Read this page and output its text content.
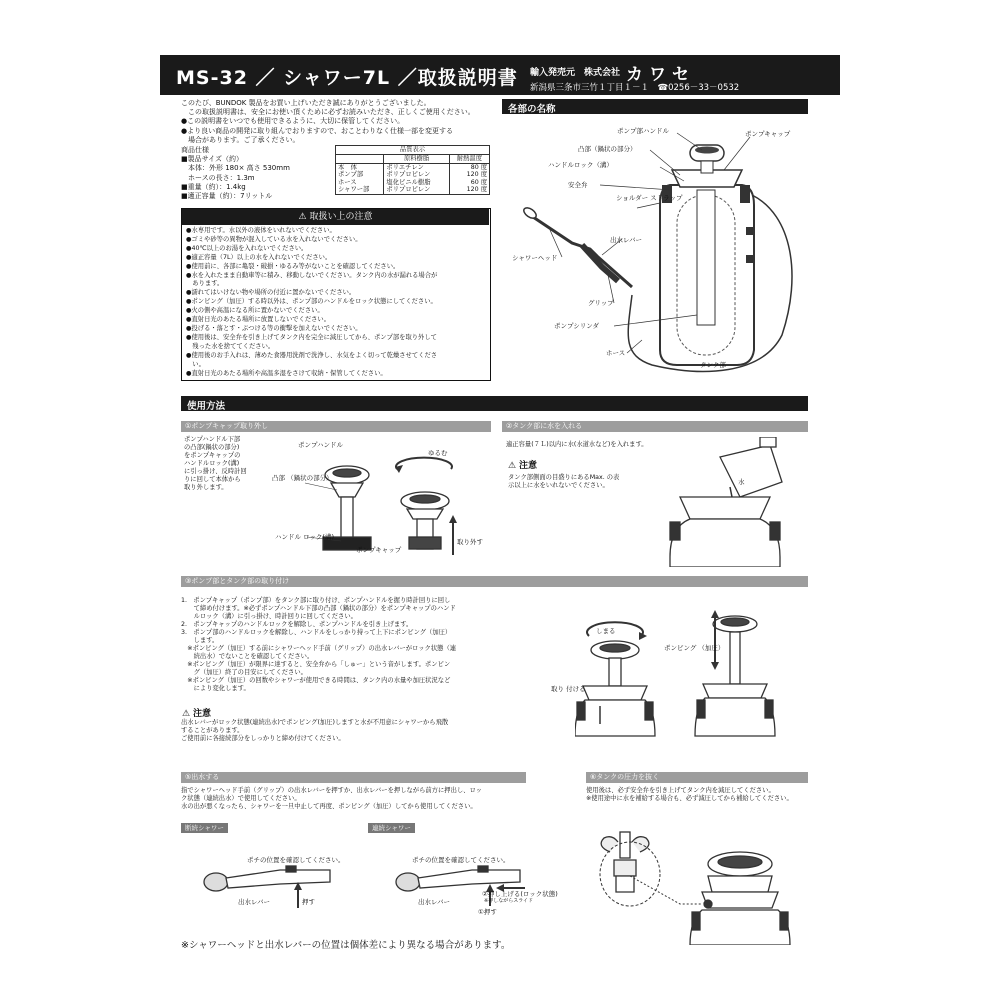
MS-32 ／ シャワー7L ／取扱説明書 輸入発売元　株式会社 カワセ
新潟県三条市三竹１丁目１－１　☎0256－33－0532
このたび、BUNDOK 製品をお買い上げいただき誠にありがとうございました。
　この取扱説明書は、安全にお使い頂くために必ずお読みいただき、正しくご使用ください。
●この説明書をいつでも使用できるように、大切に保管してください。
●より良い商品の開発に取り組んでおりますので、おことわりなく仕様一部を変更する
　場合があります。ご了承ください。
商品仕様
■製品サイズ（約）
　本体：外形 180× 高さ 530mm
　ホースの長さ：1.3m
■重量（約）：1.4kg
■適正容量（約）：7リットル
品質表示
	原料樹脂	耐熱温度
本　体	ポリエチレン	80 度
ポンプ部	ポリプロピレン	120 度
ホース	塩化ビニル樹脂	60 度
シャワー部	ポリプロピレン	120 度
⚠ 取扱い上の注意
●水専用です。水以外の液体をいれないでください。
●ゴミや砂等の異物が混入している水を入れないでください。
●40℃以上のお湯を入れないでください。
●適正容量（7L）以上の水を入れないでください。
●使用前に、各部に亀裂・破損・ゆるみ等がないことを確認してください。
●水を入れたまま自動車等に積み、移動しないでください。タンク内の水が漏れる場合が
　あります。
●濡れてはいけない物や場所の付近に置かないでください。
●ポンピング（加圧）する時以外は、ポンプ部のハンドルをロック状態にしてください。
●火の側や高温になる所に置かないでください。
●直射日光のあたる場所に放置しないでください。
●投げる・落とす・ぶつける等の衝撃を加えないでください。
●使用後は、安全弁を引き上げてタンク内を完全に減圧してから、ポンプ部を取り外して
　残った水を捨ててください。
●使用後のお手入れは、薄めた食器用洗剤で洗浄し、水気をよく切って乾燥させてくださ
　い。
●直射日光のあたる場所や高温多湿をさけて収納・保管してください。
各部の名称
ポンプ部ハンドル	ポンプキャップ
凸部（鍋状の部分）
ハンドルロック（溝）
安全弁
ショルダー ストラップ
出水レバー
シャワーヘッド
グリップ
ポンプシリンダ
ホース
タンク部
使用方法
①ポンプキャップ取り外し
ポンプハンドル下部
の凸部(鍋状の部分)
をポンプキャップの
ハンドルロック(溝)
に引っ掛け、反時計回
りに回して本体から
取り外します。
ポンプハンドル
凸部 （鍋状の部分）
ゆるむ
ハンドル ロック(溝)
ポンプキャップ
取り外す
②タンク部に水を入れる
適正容量(７Ｌ)以内に水(水道水など)を入れます。
⚠ 注意
タンク部側面の目盛りにあるMax. の表
示以上に水をいれないでください。	水
③ポンプ部とタンク部の取り付け
1.　ポンプキャップ（ポンプ部）をタンク部に取り付け、ポンプハンドルを握り時計回りに回し
　　て締め付けます。※必ずポンプハンドル下部の凸部（鍋状の部分）をポンプキャップのハンド
　　ルロック（溝）に引っ掛け、時計回りに回してください。
2.　ポンプキャップのハンドルロックを解除し、ポンプハンドルを引き上げます。
3.　ポンプ部のハンドルロックを解除し、ハンドルをしっかり持って上下にポンピング（加圧）
　　します。
　※ポンピング（加圧）する前にシャワーヘッド手前（グリップ）の出水レバーがロック状態（連
　　続出水）でないことを確認してください。
　※ポンピング（加圧）が限界に達すると、安全弁から「しゅー」という音がします。ポンピン
　　グ（加圧）終了の目安にしてください。
　※ポンピング（加圧）の回数やシャワーが使用できる時間は、タンク内の水量や加圧状況など
　　により変化します。
⚠ 注意
出水レバーがロック状態(連続出水)でポンピング(加圧)しますと水が不用意にシャワーから飛散
することがあります。
ご使用前に各接続部分をしっかりと締め付けてください。
しまる
取り 付ける
ポンピング （加圧）
⑤出水する
指でシャワーヘッド手前（グリップ）の出水レバーを押すか、出水レバーを押しながら前方に押出し、ロッ
ク状態（連続出水）で使用してください。
水の出が悪くなったら、シャワーを一旦中止して再度、ポンピング（加圧）してから使用してください。
断続シャワー	連続シャワー
ポチの位置を確認してください。	ポチの位置を確認してください。
出水レバー	出水レバー
押す
②押し上げる(ロック状態)
※押しながらスライド
①押す
⑥タンクの圧力を抜く
使用後は、必ず安全弁を引き上げてタンク内を減圧してください。
※使用途中に水を補給する場合も、必ず減圧してから補給してください。
※シャワーヘッドと出水レバーの位置は個体差により異なる場合があります。
